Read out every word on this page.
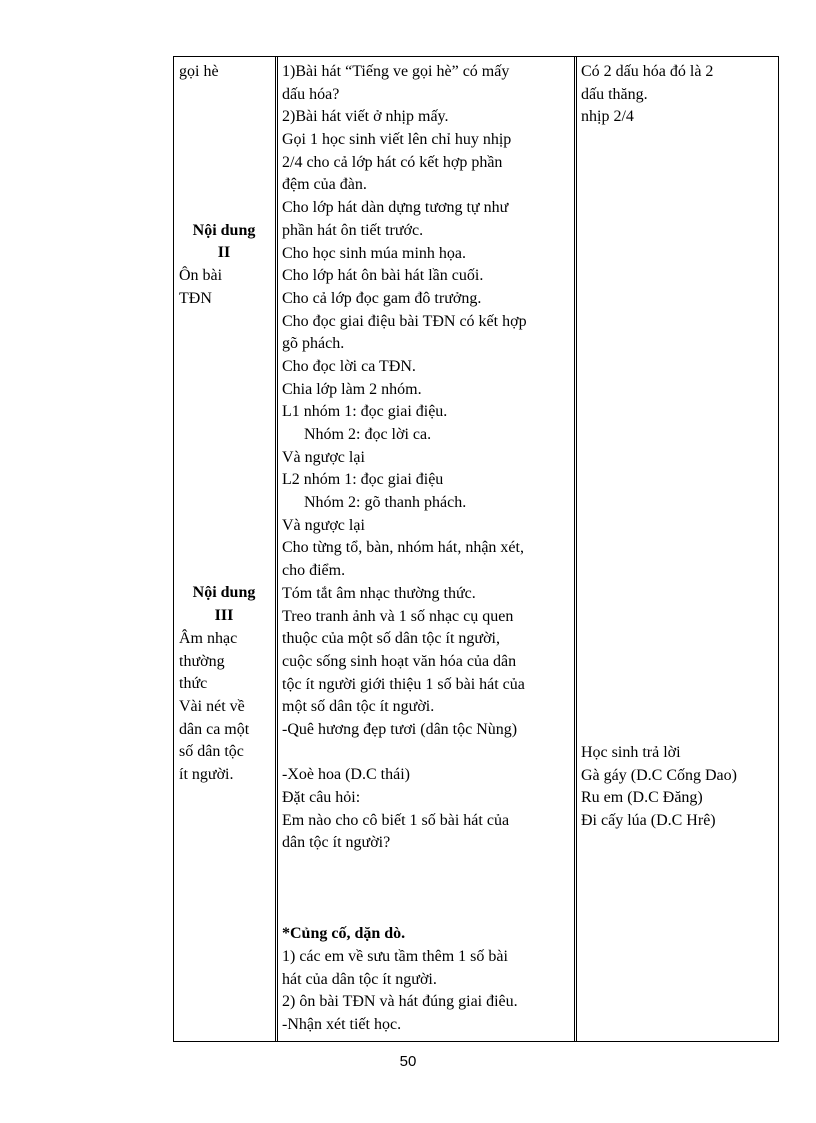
gọi hè
Nội dung
II
Ôn bài
TĐN
Nội dung
III
Âm nhạc
thường
thức
Vài nét về
dân ca một
số dân tộc
ít người.
1)Bài hát “Tiếng ve gọi hè” có mấy
dấu hóa?
2)Bài hát viết ở nhịp mấy.
Gọi 1 học sinh viết lên chỉ huy nhịp
2/4 cho cả lớp hát có kết hợp phần
đệm của đàn.
Cho lớp hát dàn dựng tương tự như
phần hát ôn tiết trước.
Cho học sinh múa minh họa.
Cho lớp hát ôn bài hát lần cuối.
Cho cả lớp đọc gam đô trưởng.
Cho đọc giai điệu bài TĐN có kết hợp
gõ phách.
Cho đọc lời ca TĐN.
Chia lớp làm 2 nhóm.
L1 nhóm 1: đọc giai điệu.
Nhóm 2: đọc lời ca.
Và ngược lại
L2 nhóm 1: đọc giai điệu
Nhóm 2: gõ thanh phách.
Và ngược lại
Cho từng tổ, bàn, nhóm hát, nhận xét,
cho điểm.
Tóm tắt âm nhạc thường thức.
Treo tranh ảnh và 1 số nhạc cụ quen
thuộc của một số dân tộc ít người,
cuộc sống sinh hoạt văn hóa của dân
tộc ít người giới thiệu 1 số bài hát của
một số dân tộc ít người.
-Quê hương đẹp tươi (dân tộc Nùng)
-Xoè hoa (D.C thái)
Đặt câu hỏi:
Em nào cho cô biết 1 số bài hát của
dân tộc ít người?
*Củng cố, dặn dò.
1) các em về sưu tầm thêm 1 số bài
hát của dân tộc ít người.
2) ôn bài TĐN và hát đúng giai điêu.
-Nhận xét tiết học.
Có 2 dấu hóa đó là 2
dấu thăng.
nhịp 2/4
Học sinh trả lời
Gà gáy (D.C Cống Dao)
Ru em (D.C Đăng)
Đi cấy lúa (D.C Hrê)
50
